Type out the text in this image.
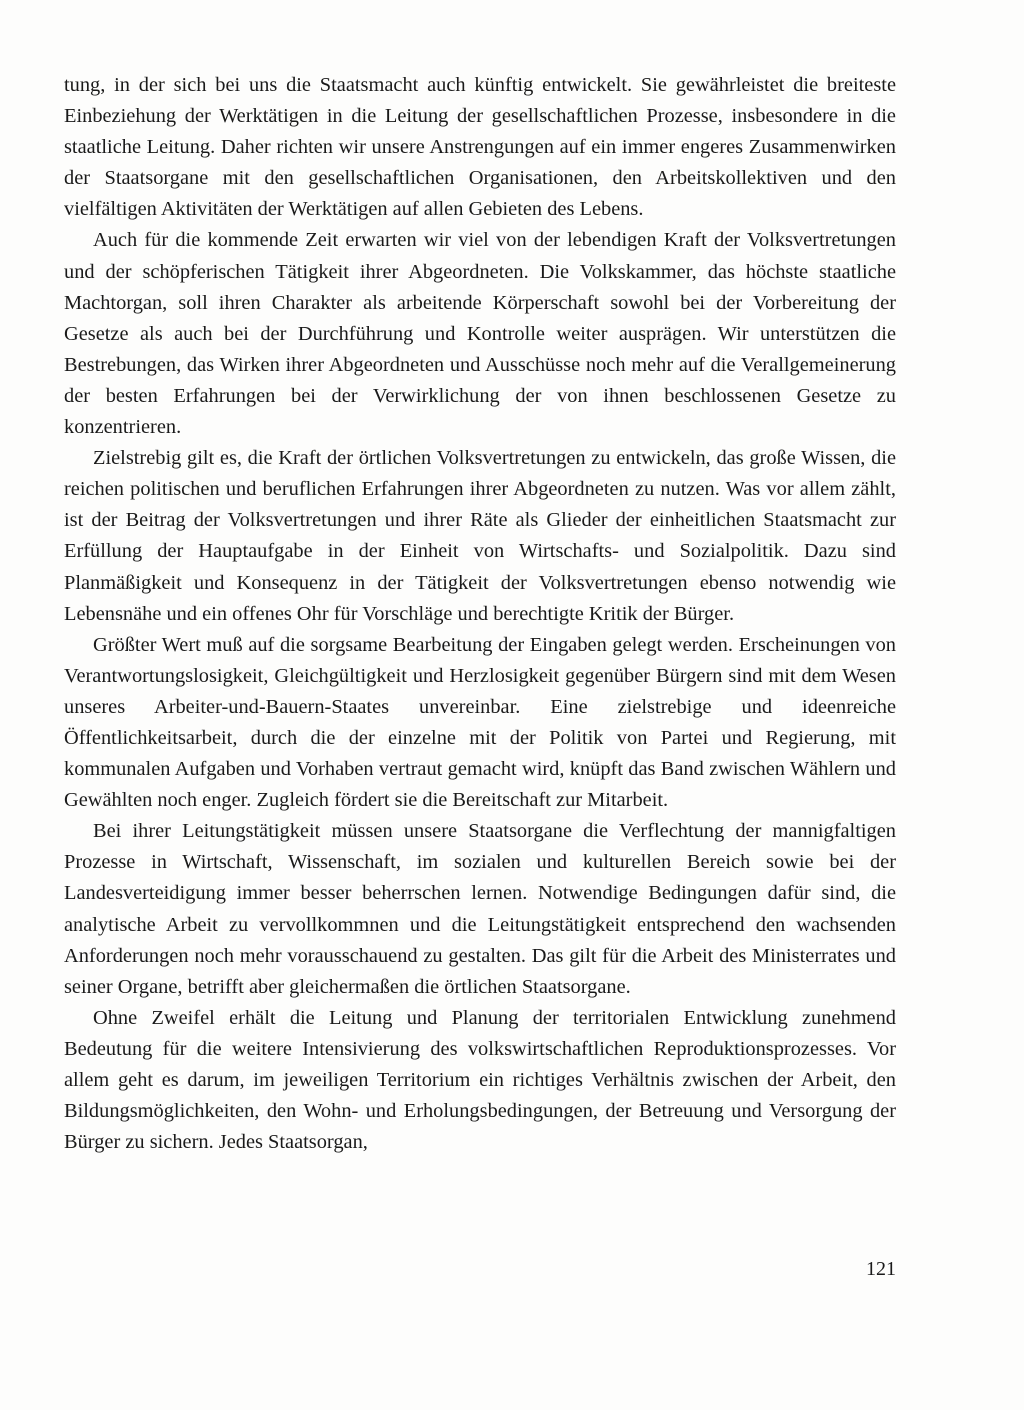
tung, in der sich bei uns die Staatsmacht auch künftig entwickelt. Sie gewährleistet die breiteste Einbeziehung der Werktätigen in die Leitung der gesellschaftlichen Prozesse, insbesondere in die staatliche Leitung. Daher richten wir unsere Anstrengungen auf ein immer engeres Zusammenwirken der Staatsorgane mit den gesellschaftlichen Organisationen, den Arbeitskollektiven und den vielfältigen Aktivitäten der Werktätigen auf allen Gebieten des Lebens.

Auch für die kommende Zeit erwarten wir viel von der lebendigen Kraft der Volksvertretungen und der schöpferischen Tätigkeit ihrer Abgeordneten. Die Volkskammer, das höchste staatliche Machtorgan, soll ihren Charakter als arbeitende Körperschaft sowohl bei der Vorbereitung der Gesetze als auch bei der Durchführung und Kontrolle weiter ausprägen. Wir unterstützen die Bestrebungen, das Wirken ihrer Abgeordneten und Ausschüsse noch mehr auf die Verallgemeinerung der besten Erfahrungen bei der Verwirklichung der von ihnen beschlossenen Gesetze zu konzentrieren.

Zielstrebig gilt es, die Kraft der örtlichen Volksvertretungen zu entwickeln, das große Wissen, die reichen politischen und beruflichen Erfahrungen ihrer Abgeordneten zu nutzen. Was vor allem zählt, ist der Beitrag der Volksvertretungen und ihrer Räte als Glieder der einheitlichen Staatsmacht zur Erfüllung der Hauptaufgabe in der Einheit von Wirtschafts- und Sozialpolitik. Dazu sind Planmäßigkeit und Konsequenz in der Tätigkeit der Volksvertretungen ebenso notwendig wie Lebensnähe und ein offenes Ohr für Vorschläge und berechtigte Kritik der Bürger.

Größter Wert muß auf die sorgsame Bearbeitung der Eingaben gelegt werden. Erscheinungen von Verantwortungslosigkeit, Gleichgültigkeit und Herzlosigkeit gegenüber Bürgern sind mit dem Wesen unseres Arbeiter-und-Bauern-Staates unvereinbar. Eine zielstrebige und ideenreiche Öffentlichkeitsarbeit, durch die der einzelne mit der Politik von Partei und Regierung, mit kommunalen Aufgaben und Vorhaben vertraut gemacht wird, knüpft das Band zwischen Wählern und Gewählten noch enger. Zugleich fördert sie die Bereitschaft zur Mitarbeit.

Bei ihrer Leitungstätigkeit müssen unsere Staatsorgane die Verflechtung der mannigfaltigen Prozesse in Wirtschaft, Wissenschaft, im sozialen und kulturellen Bereich sowie bei der Landesverteidigung immer besser beherrschen lernen. Notwendige Bedingungen dafür sind, die analytische Arbeit zu vervollkommnen und die Leitungstätigkeit entsprechend den wachsenden Anforderungen noch mehr vorausschauend zu gestalten. Das gilt für die Arbeit des Ministerrates und seiner Organe, betrifft aber gleichermaßen die örtlichen Staatsorgane.

Ohne Zweifel erhält die Leitung und Planung der territorialen Entwicklung zunehmend Bedeutung für die weitere Intensivierung des volkswirtschaftlichen Reproduktionsprozesses. Vor allem geht es darum, im jeweiligen Territorium ein richtiges Verhältnis zwischen der Arbeit, den Bildungsmöglichkeiten, den Wohn- und Erholungsbedingungen, der Betreuung und Versorgung der Bürger zu sichern. Jedes Staatsorgan,

121
